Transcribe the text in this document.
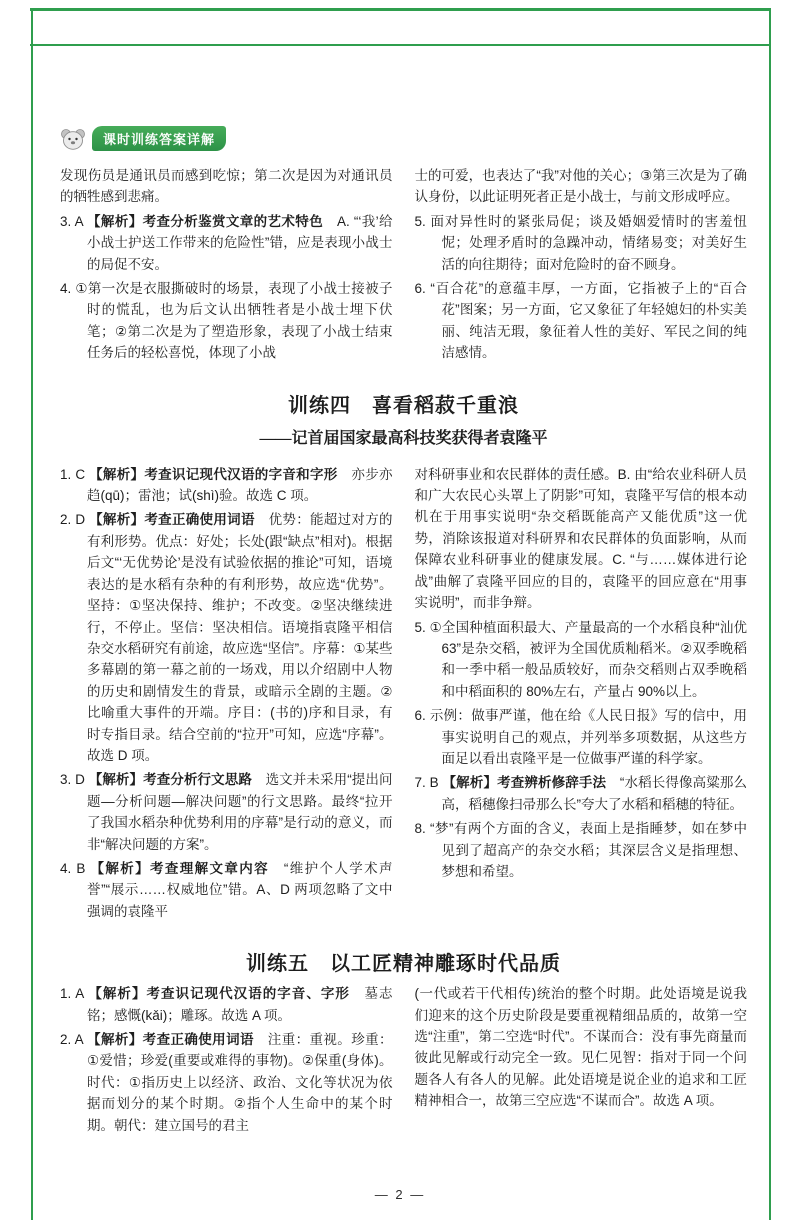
课时训练答案详解

发现伤员是通讯员而感到吃惊；第二次是因为对通讯员的牺牲感到悲痛。

3. A 【解析】考查分析鉴赏文章的艺术特色 A. “‘我’给小战士护送工作带来的危险性”错，应是表现小战士的局促不安。

4. ①第一次是衣服撕破时的场景，表现了小战士接被子时的慌乱，也为后文认出牺牲者是小战士埋下伏笔；②第二次是为了塑造形象，表现了小战士结束任务后的轻松喜悦，体现了小战

士的可爱，也表达了“我”对他的关心；③第三次是为了确认身份，以此证明死者正是小战士，与前文形成呼应。

5. 面对异性时的紧张局促；谈及婚姻爱情时的害羞忸怩；处理矛盾时的急躁冲动，情绪易变；对美好生活的向往期待；面对危险时的奋不顾身。

6. “百合花”的意蕴丰厚，一方面，它指被子上的“百合花”图案；另一方面，它又象征了年轻媳妇的朴实美丽、纯洁无瑕，象征着人性的美好、军民之间的纯洁感情。

训练四　喜看稻菽千重浪
——记首届国家最高科技奖获得者袁隆平

1. C 【解析】考查识记现代汉语的字音和字形 亦步亦趋(qū)；雷池；试(shì)验。故选 C 项。

2. D 【解析】考查正确使用词语 优势：能超过对方的有利形势。优点：好处；长处(跟“缺点”相对)。根据后文“‘无优势论’是没有试验依据的推论”可知，语境表达的是水稻有杂种的有利形势，故应选“优势”。坚持：①坚决保持、维护；不改变。②坚决继续进行，不停止。坚信：坚决相信。语境指袁隆平相信杂交水稻研究有前途，故应选“坚信”。序幕：①某些多幕剧的第一幕之前的一场戏，用以介绍剧中人物的历史和剧情发生的背景，或暗示全剧的主题。②比喻重大事件的开端。序目：(书的)序和目录，有时专指目录。结合空前的“拉开”可知，应选“序幕”。故选 D 项。

3. D 【解析】考查分析行文思路 选文并未采用“提出问题—分析问题—解决问题”的行文思路。最终“拉开了我国水稻杂种优势利用的序幕”是行动的意义，而非“解决问题的方案”。

4. B 【解析】考查理解文章内容 “维护个人学术声誉”“展示……权威地位”错。A、D 两项忽略了文中强调的袁隆平

对科研事业和农民群体的责任感。B. 由“给农业科研人员和广大农民心头罩上了阴影”可知，袁隆平写信的根本动机在于用事实说明“杂交稻既能高产又能优质”这一优势，消除该报道对科研界和农民群体的负面影响，从而保障农业科研事业的健康发展。C. “与……媒体进行论战”曲解了袁隆平回应的目的，袁隆平的回应意在“用事实说明”，而非争辩。

5. ①全国种植面积最大、产量最高的一个水稻良种“汕优 63”是杂交稻，被评为全国优质籼稻米。②双季晚稻和一季中稻一般品质较好，而杂交稻则占双季晚稻和中稻面积的 80%左右，产量占 90%以上。

6. 示例：做事严谨，他在给《人民日报》写的信中，用事实说明自己的观点，并列举多项数据，从这些方面足以看出袁隆平是一位做事严谨的科学家。

7. B 【解析】考查辨析修辞手法 “水稻长得像高粱那么高，稻穗像扫帚那么长”夸大了水稻和稻穗的特征。

8. “梦”有两个方面的含义，表面上是指睡梦，如在梦中见到了超高产的杂交水稻；其深层含义是指理想、梦想和希望。

训练五　以工匠精神雕琢时代品质

1. A 【解析】考查识记现代汉语的字音、字形 墓志铭；感慨(kǎi)；雕琢。故选 A 项。

2. A 【解析】考查正确使用词语 注重：重视。珍重：①爱惜；珍爱(重要或难得的事物)。②保重(身体)。时代：①指历史上以经济、政治、文化等状况为依据而划分的某个时期。②指个人生命中的某个时期。朝代：建立国号的君主

(一代或若干代相传)统治的整个时期。此处语境是说我们迎来的这个历史阶段是要重视精细品质的，故第一空选“注重”，第二空选“时代”。不谋而合：没有事先商量而彼此见解或行动完全一致。见仁见智：指对于同一个问题各人有各人的见解。此处语境是说企业的追求和工匠精神相合一，故第三空应选“不谋而合”。故选 A 项。

— 2 —
